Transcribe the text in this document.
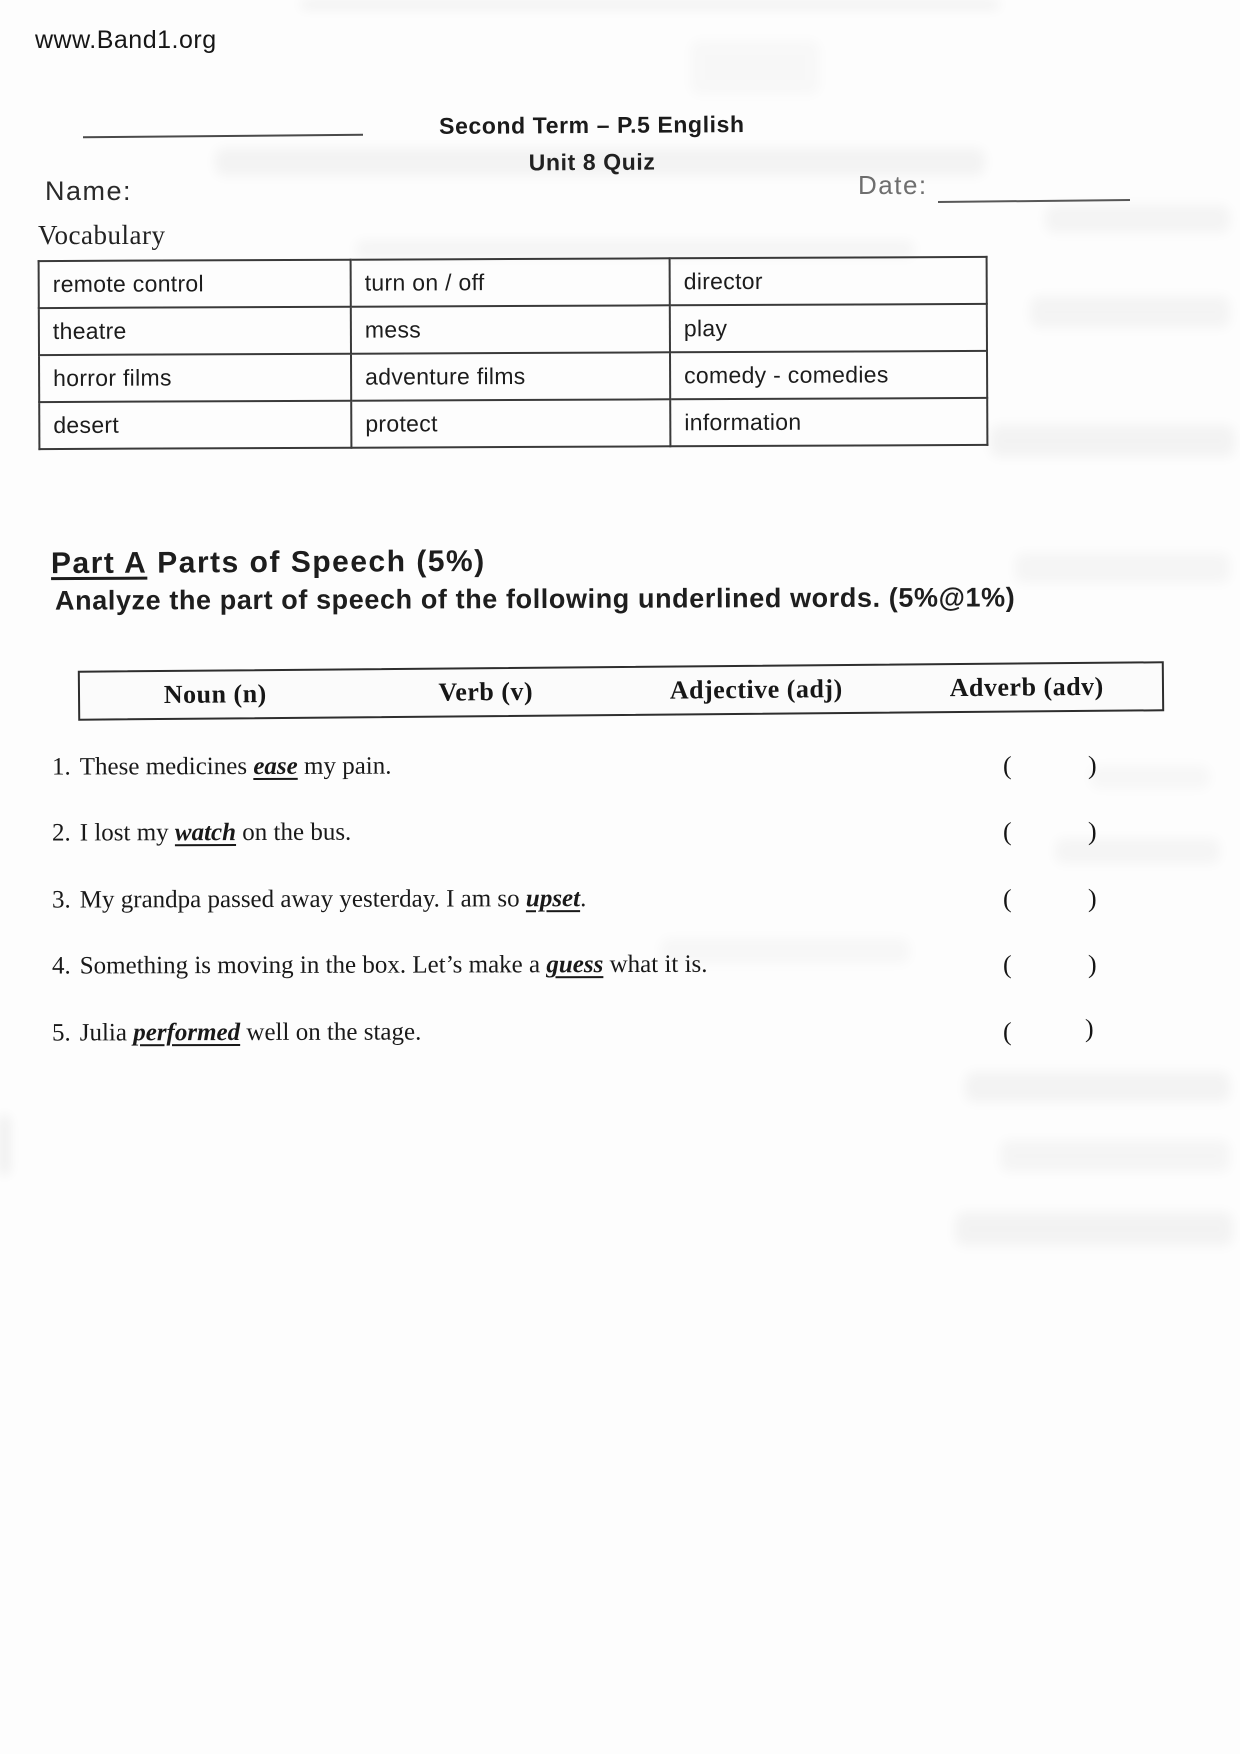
www.Band1.org
Second Term – P.5 English
Unit 8 Quiz
Name:	Date:
Vocabulary
remote control	turn on / off	director
theatre	mess	play
horror films	adventure films	comedy - comedies
desert	protect	information
Part A Parts of Speech (5%)
Analyze the part of speech of the following underlined words. (5%@1%)
Noun (n)	Verb (v)	Adjective (adj)	Adverb (adv)
1. These medicines ease my pain.	(	)
2. I lost my watch on the bus.	(	)
3. My grandpa passed away yesterday. I am so upset.	(	)
4. Something is moving in the box. Let’s make a guess what it is.	(	)
5. Julia performed well on the stage.	(	)
